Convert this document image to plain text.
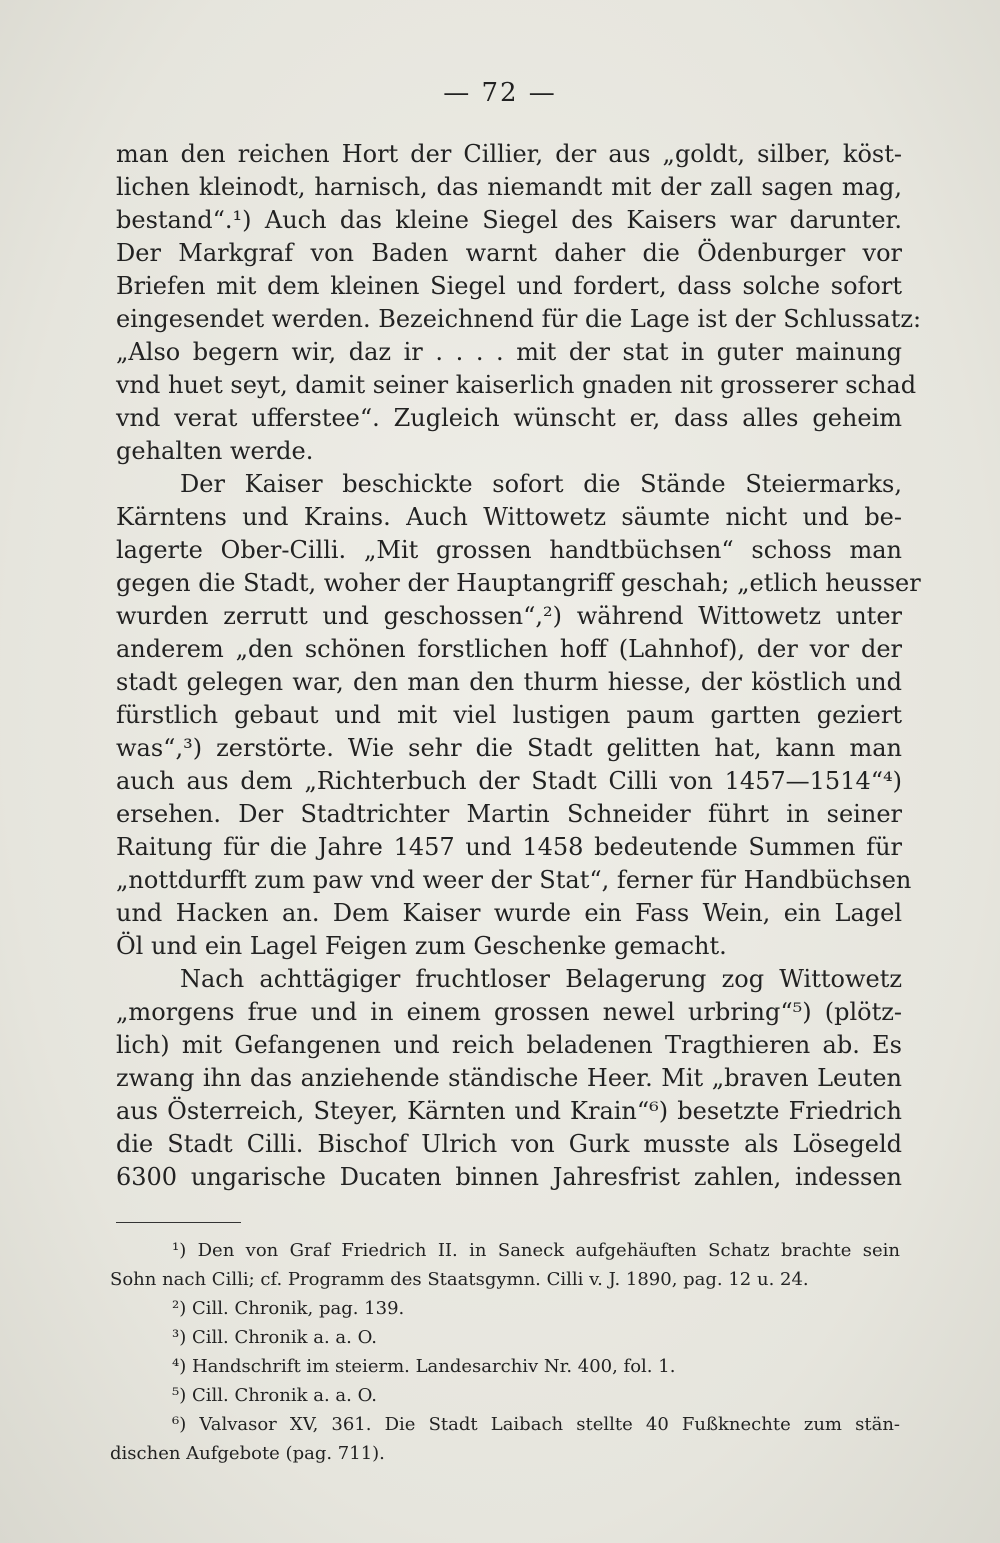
— 72 —
man den reichen Hort der Cillier, der aus „goldt, silber, köst-
lichen kleinodt, harnisch, das niemandt mit der zall sagen mag,
bestand“.¹) Auch das kleine Siegel des Kaisers war darunter.
Der Markgraf von Baden warnt daher die Ödenburger vor
Briefen mit dem kleinen Siegel und fordert, dass solche sofort
eingesendet werden. Bezeichnend für die Lage ist der Schlussatz:
„Also begern wir, daz ir . . . . mit der stat in guter mainung
vnd huet seyt, damit seiner kaiserlich gnaden nit grosserer schad
vnd verat ufferstee“. Zugleich wünscht er, dass alles geheim
gehalten werde.
Der Kaiser beschickte sofort die Stände Steiermarks,
Kärntens und Krains. Auch Wittowetz säumte nicht und be-
lagerte Ober-Cilli. „Mit grossen handtbüchsen“ schoss man
gegen die Stadt, woher der Hauptangriff geschah; „etlich heusser
wurden zerrutt und geschossen“,²) während Wittowetz unter
anderem „den schönen forstlichen hoff (Lahnhof), der vor der
stadt gelegen war, den man den thurm hiesse, der köstlich und
fürstlich gebaut und mit viel lustigen paum gartten geziert
was“,³) zerstörte. Wie sehr die Stadt gelitten hat, kann man
auch aus dem „Richterbuch der Stadt Cilli von 1457—1514“⁴)
ersehen. Der Stadtrichter Martin Schneider führt in seiner
Raitung für die Jahre 1457 und 1458 bedeutende Summen für
„nottdurfft zum paw vnd weer der Stat“, ferner für Handbüchsen
und Hacken an. Dem Kaiser wurde ein Fass Wein, ein Lagel
Öl und ein Lagel Feigen zum Geschenke gemacht.
Nach achttägiger fruchtloser Belagerung zog Wittowetz
„morgens frue und in einem grossen newel urbring“⁵) (plötz-
lich) mit Gefangenen und reich beladenen Tragthieren ab. Es
zwang ihn das anziehende ständische Heer. Mit „braven Leuten
aus Österreich, Steyer, Kärnten und Krain“⁶) besetzte Friedrich
die Stadt Cilli. Bischof Ulrich von Gurk musste als Lösegeld
6300 ungarische Ducaten binnen Jahresfrist zahlen, indessen
¹) Den von Graf Friedrich II. in Saneck aufgehäuften Schatz brachte sein
Sohn nach Cilli; cf. Programm des Staatsgymn. Cilli v. J. 1890, pag. 12 u. 24.
²) Cill. Chronik, pag. 139.
³) Cill. Chronik a. a. O.
⁴) Handschrift im steierm. Landesarchiv Nr. 400, fol. 1.
⁵) Cill. Chronik a. a. O.
⁶) Valvasor XV, 361. Die Stadt Laibach stellte 40 Fußknechte zum stän-
dischen Aufgebote (pag. 711).
